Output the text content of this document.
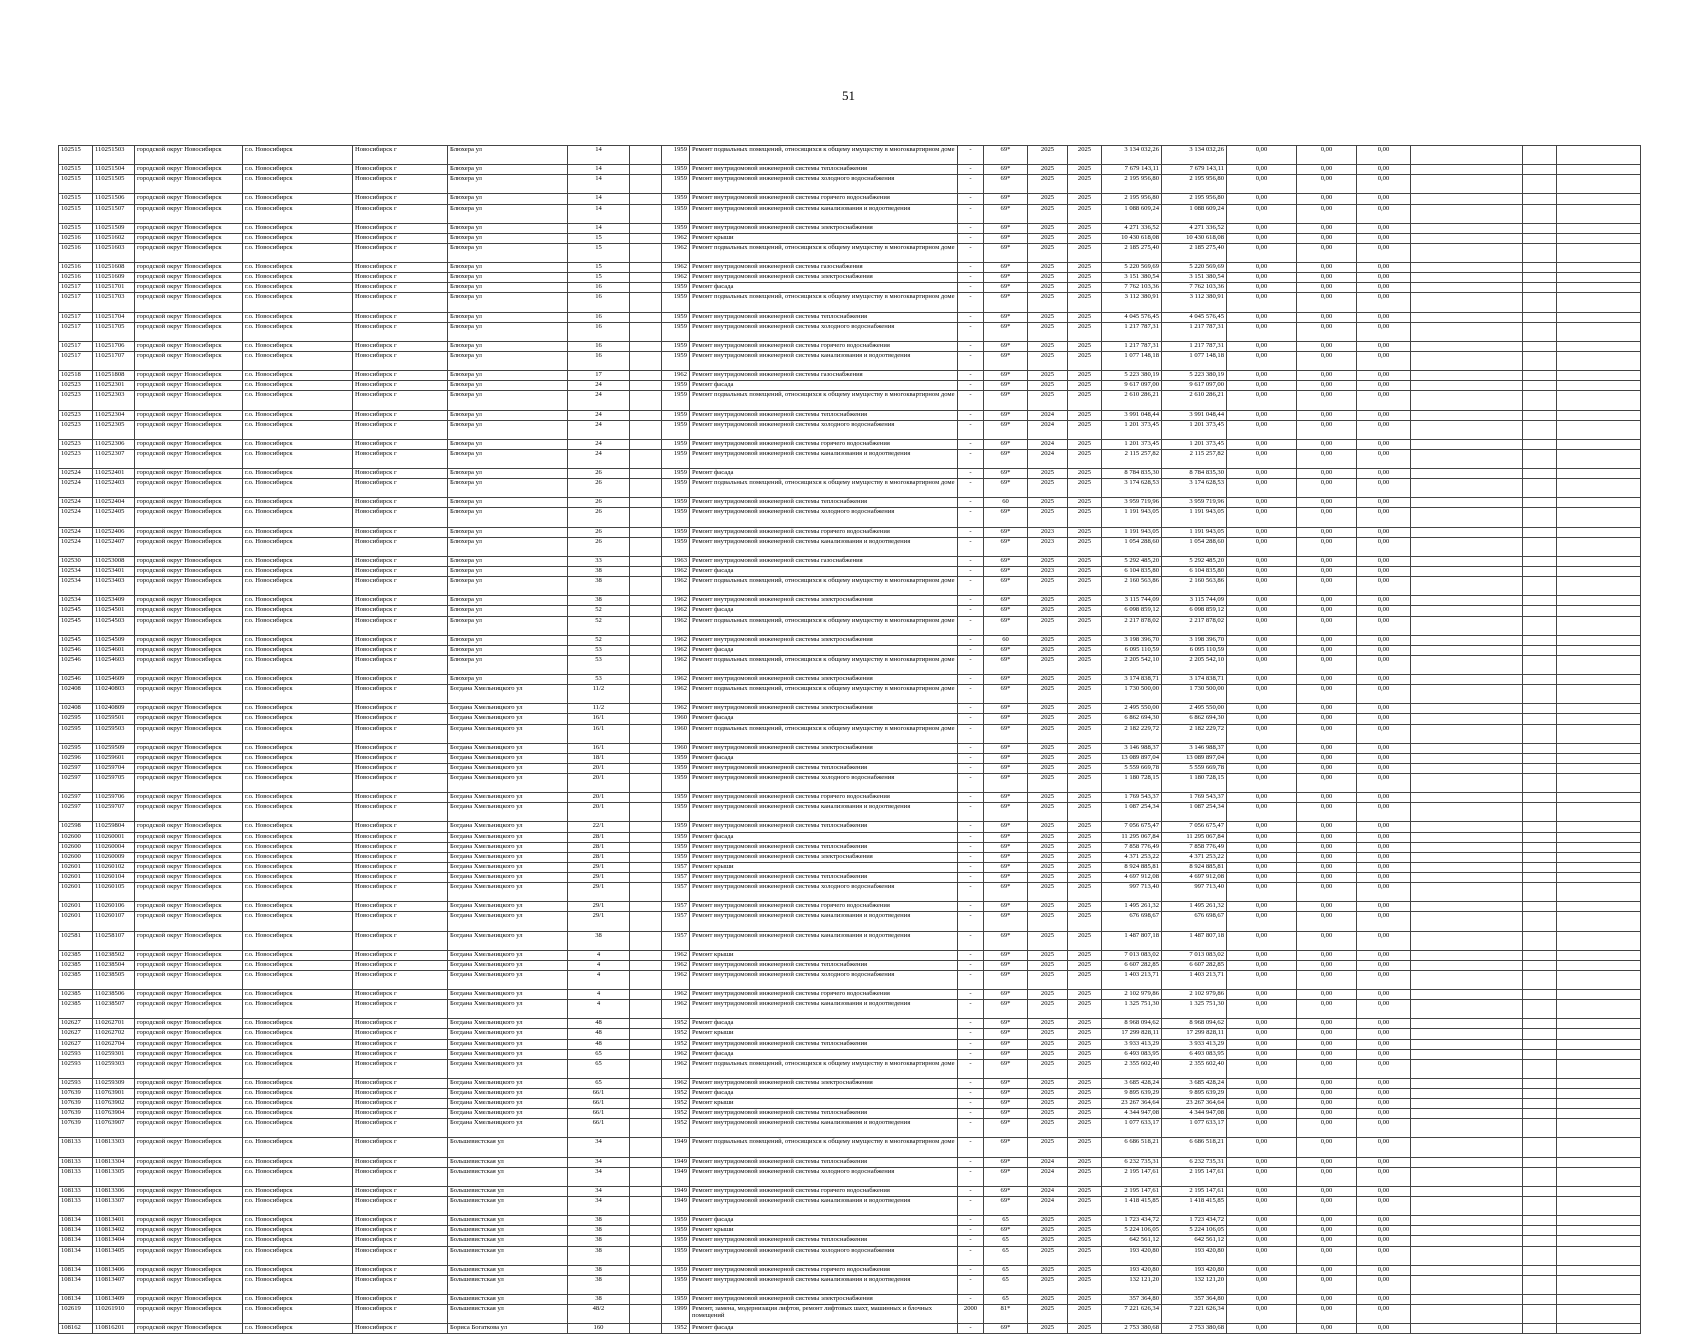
51
102515	110251503	городской округ Новосибирск	г.о. Новосибирск	Новосибирск г	Блюхера ул	14		1959	Ремонт подвальных помещений, относящихся к общему имуществу в многоквартирном доме	-	69*	2025	2025	3 134 032,26	3 134 032,26	0,00	0,00	0,00			
102515	110251504	городской округ Новосибирск	г.о. Новосибирск	Новосибирск г	Блюхера ул	14		1959	Ремонт внутридомовой инженерной системы теплоснабжения	-	69*	2025	2025	7 679 143,11	7 679 143,11	0,00	0,00	0,00			
102515	110251505	городской округ Новосибирск	г.о. Новосибирск	Новосибирск г	Блюхера ул	14		1959	Ремонт внутридомовой инженерной системы холодного водоснабжения	-	69*	2025	2025	2 195 956,80	2 195 956,80	0,00	0,00	0,00			
102515	110251506	городской округ Новосибирск	г.о. Новосибирск	Новосибирск г	Блюхера ул	14		1959	Ремонт внутридомовой инженерной системы горячего водоснабжения	-	69*	2025	2025	2 195 956,80	2 195 956,80	0,00	0,00	0,00			
102515	110251507	городской округ Новосибирск	г.о. Новосибирск	Новосибирск г	Блюхера ул	14		1959	Ремонт внутридомовой инженерной системы канализования и водоотведения	-	69*	2025	2025	1 088 609,24	1 088 609,24	0,00	0,00	0,00			
102515	110251509	городской округ Новосибирск	г.о. Новосибирск	Новосибирск г	Блюхера ул	14		1959	Ремонт внутридомовой инженерной системы электроснабжения	-	69*	2025	2025	4 271 336,52	4 271 336,52	0,00	0,00	0,00			
102516	110251602	городской округ Новосибирск	г.о. Новосибирск	Новосибирск г	Блюхера ул	15		1962	Ремонт крыши	-	69*	2025	2025	10 430 618,08	10 430 618,08	0,00	0,00	0,00			
102516	110251603	городской округ Новосибирск	г.о. Новосибирск	Новосибирск г	Блюхера ул	15		1962	Ремонт подвальных помещений, относящихся к общему имуществу в многоквартирном доме	-	69*	2025	2025	2 185 275,40	2 185 275,40	0,00	0,00	0,00			
102516	110251608	городской округ Новосибирск	г.о. Новосибирск	Новосибирск г	Блюхера ул	15		1962	Ремонт внутридомовой инженерной системы газоснабжения	-	69*	2025	2025	5 220 569,69	5 220 569,69	0,00	0,00	0,00			
102516	110251609	городской округ Новосибирск	г.о. Новосибирск	Новосибирск г	Блюхера ул	15		1962	Ремонт внутридомовой инженерной системы электроснабжения	-	69*	2025	2025	3 151 380,54	3 151 380,54	0,00	0,00	0,00			
102517	110251701	городской округ Новосибирск	г.о. Новосибирск	Новосибирск г	Блюхера ул	16		1959	Ремонт фасада	-	69*	2025	2025	7 762 103,36	7 762 103,36	0,00	0,00	0,00			
102517	110251703	городской округ Новосибирск	г.о. Новосибирск	Новосибирск г	Блюхера ул	16		1959	Ремонт подвальных помещений, относящихся к общему имуществу в многоквартирном доме	-	69*	2025	2025	3 112 380,91	3 112 380,91	0,00	0,00	0,00			
102517	110251704	городской округ Новосибирск	г.о. Новосибирск	Новосибирск г	Блюхера ул	16		1959	Ремонт внутридомовой инженерной системы теплоснабжения	-	69*	2025	2025	4 045 576,45	4 045 576,45	0,00	0,00	0,00			
102517	110251705	городской округ Новосибирск	г.о. Новосибирск	Новосибирск г	Блюхера ул	16		1959	Ремонт внутридомовой инженерной системы холодного водоснабжения	-	69*	2025	2025	1 217 787,31	1 217 787,31	0,00	0,00	0,00			
102517	110251706	городской округ Новосибирск	г.о. Новосибирск	Новосибирск г	Блюхера ул	16		1959	Ремонт внутридомовой инженерной системы горячего водоснабжения	-	69*	2025	2025	1 217 787,31	1 217 787,31	0,00	0,00	0,00			
102517	110251707	городской округ Новосибирск	г.о. Новосибирск	Новосибирск г	Блюхера ул	16		1959	Ремонт внутридомовой инженерной системы канализования и водоотведения	-	69*	2025	2025	1 077 148,18	1 077 148,18	0,00	0,00	0,00			
102518	110251808	городской округ Новосибирск	г.о. Новосибирск	Новосибирск г	Блюхера ул	17		1962	Ремонт внутридомовой инженерной системы газоснабжения	-	69*	2025	2025	5 223 380,19	5 223 380,19	0,00	0,00	0,00			
102523	110252301	городской округ Новосибирск	г.о. Новосибирск	Новосибирск г	Блюхера ул	24		1959	Ремонт фасада	-	69*	2025	2025	9 617 097,00	9 617 097,00	0,00	0,00	0,00			
102523	110252303	городской округ Новосибирск	г.о. Новосибирск	Новосибирск г	Блюхера ул	24		1959	Ремонт подвальных помещений, относящихся к общему имуществу в многоквартирном доме	-	69*	2025	2025	2 610 286,21	2 610 286,21	0,00	0,00	0,00			
102523	110252304	городской округ Новосибирск	г.о. Новосибирск	Новосибирск г	Блюхера ул	24		1959	Ремонт внутридомовой инженерной системы теплоснабжения	-	69*	2024	2025	3 991 048,44	3 991 048,44	0,00	0,00	0,00			
102523	110252305	городской округ Новосибирск	г.о. Новосибирск	Новосибирск г	Блюхера ул	24		1959	Ремонт внутридомовой инженерной системы холодного водоснабжения	-	69*	2024	2025	1 201 373,45	1 201 373,45	0,00	0,00	0,00			
102523	110252306	городской округ Новосибирск	г.о. Новосибирск	Новосибирск г	Блюхера ул	24		1959	Ремонт внутридомовой инженерной системы горячего водоснабжения	-	69*	2024	2025	1 201 373,45	1 201 373,45	0,00	0,00	0,00			
102523	110252307	городской округ Новосибирск	г.о. Новосибирск	Новосибирск г	Блюхера ул	24		1959	Ремонт внутридомовой инженерной системы канализования и водоотведения	-	69*	2024	2025	2 115 257,82	2 115 257,82	0,00	0,00	0,00			
102524	110252401	городской округ Новосибирск	г.о. Новосибирск	Новосибирск г	Блюхера ул	26		1959	Ремонт фасада	-	69*	2025	2025	8 784 835,30	8 784 835,30	0,00	0,00	0,00			
102524	110252403	городской округ Новосибирск	г.о. Новосибирск	Новосибирск г	Блюхера ул	26		1959	Ремонт подвальных помещений, относящихся к общему имуществу в многоквартирном доме	-	69*	2025	2025	3 174 628,53	3 174 628,53	0,00	0,00	0,00			
102524	110252404	городской округ Новосибирск	г.о. Новосибирск	Новосибирск г	Блюхера ул	26		1959	Ремонт внутридомовой инженерной системы теплоснабжения	-	60	2025	2025	3 959 719,96	3 959 719,96	0,00	0,00	0,00			
102524	110252405	городской округ Новосибирск	г.о. Новосибирск	Новосибирск г	Блюхера ул	26		1959	Ремонт внутридомовой инженерной системы холодного водоснабжения	-	69*	2025	2025	1 191 943,05	1 191 943,05	0,00	0,00	0,00			
102524	110252406	городской округ Новосибирск	г.о. Новосибирск	Новосибирск г	Блюхера ул	26		1959	Ремонт внутридомовой инженерной системы горячего водоснабжения	-	69*	2023	2025	1 191 943,05	1 191 943,05	0,00	0,00	0,00			
102524	110252407	городской округ Новосибирск	г.о. Новосибирск	Новосибирск г	Блюхера ул	26		1959	Ремонт внутридомовой инженерной системы канализования и водоотведения	-	69*	2023	2025	1 054 288,60	1 054 288,60	0,00	0,00	0,00			
102530	110253008	городской округ Новосибирск	г.о. Новосибирск	Новосибирск г	Блюхера ул	33		1963	Ремонт внутридомовой инженерной системы газоснабжения	-	69*	2025	2025	5 292 485,20	5 292 485,20	0,00	0,00	0,00			
102534	110253401	городской округ Новосибирск	г.о. Новосибирск	Новосибирск г	Блюхера ул	38		1962	Ремонт фасада	-	69*	2023	2025	6 104 835,80	6 104 835,80	0,00	0,00	0,00			
102534	110253403	городской округ Новосибирск	г.о. Новосибирск	Новосибирск г	Блюхера ул	38		1962	Ремонт подвальных помещений, относящихся к общему имуществу в многоквартирном доме	-	69*	2025	2025	2 160 563,86	2 160 563,86	0,00	0,00	0,00			
102534	110253409	городской округ Новосибирск	г.о. Новосибирск	Новосибирск г	Блюхера ул	38		1962	Ремонт внутридомовой инженерной системы электроснабжения	-	69*	2025	2025	3 115 744,09	3 115 744,09	0,00	0,00	0,00			
102545	110254501	городской округ Новосибирск	г.о. Новосибирск	Новосибирск г	Блюхера ул	52		1962	Ремонт фасада	-	69*	2025	2025	6 098 859,12	6 098 859,12	0,00	0,00	0,00			
102545	110254503	городской округ Новосибирск	г.о. Новосибирск	Новосибирск г	Блюхера ул	52		1962	Ремонт подвальных помещений, относящихся к общему имуществу в многоквартирном доме	-	69*	2025	2025	2 217 878,02	2 217 878,02	0,00	0,00	0,00			
102545	110254509	городской округ Новосибирск	г.о. Новосибирск	Новосибирск г	Блюхера ул	52		1962	Ремонт внутридомовой инженерной системы электроснабжения	-	60	2025	2025	3 198 396,70	3 198 396,70	0,00	0,00	0,00			
102546	110254601	городской округ Новосибирск	г.о. Новосибирск	Новосибирск г	Блюхера ул	53		1962	Ремонт фасада	-	69*	2025	2025	6 095 110,59	6 095 110,59	0,00	0,00	0,00			
102546	110254603	городской округ Новосибирск	г.о. Новосибирск	Новосибирск г	Блюхера ул	53		1962	Ремонт подвальных помещений, относящихся к общему имуществу в многоквартирном доме	-	69*	2025	2025	2 205 542,10	2 205 542,10	0,00	0,00	0,00			
102546	110254609	городской округ Новосибирск	г.о. Новосибирск	Новосибирск г	Блюхера ул	53		1962	Ремонт внутридомовой инженерной системы электроснабжения	-	69*	2025	2025	3 174 838,71	3 174 838,71	0,00	0,00	0,00			
102408	110240803	городской округ Новосибирск	г.о. Новосибирск	Новосибирск г	Богдана Хмельницкого ул	11/2		1962	Ремонт подвальных помещений, относящихся к общему имуществу в многоквартирном доме	-	69*	2025	2025	1 730 500,00	1 730 500,00	0,00	0,00	0,00			
102408	110240809	городской округ Новосибирск	г.о. Новосибирск	Новосибирск г	Богдана Хмельницкого ул	11/2		1962	Ремонт внутридомовой инженерной системы электроснабжения	-	69*	2025	2025	2 495 550,00	2 495 550,00	0,00	0,00	0,00			
102595	110259501	городской округ Новосибирск	г.о. Новосибирск	Новосибирск г	Богдана Хмельницкого ул	16/1		1960	Ремонт фасада	-	69*	2025	2025	6 862 694,30	6 862 694,30	0,00	0,00	0,00			
102595	110259503	городской округ Новосибирск	г.о. Новосибирск	Новосибирск г	Богдана Хмельницкого ул	16/1		1960	Ремонт подвальных помещений, относящихся к общему имуществу в многоквартирном доме	-	69*	2025	2025	2 182 229,72	2 182 229,72	0,00	0,00	0,00			
102595	110259509	городской округ Новосибирск	г.о. Новосибирск	Новосибирск г	Богдана Хмельницкого ул	16/1		1960	Ремонт внутридомовой инженерной системы электроснабжения	-	69*	2025	2025	3 146 988,37	3 146 988,37	0,00	0,00	0,00			
102596	110259601	городской округ Новосибирск	г.о. Новосибирск	Новосибирск г	Богдана Хмельницкого ул	18/1		1959	Ремонт фасада	-	69*	2025	2025	13 089 897,04	13 089 897,04	0,00	0,00	0,00			
102597	110259704	городской округ Новосибирск	г.о. Новосибирск	Новосибирск г	Богдана Хмельницкого ул	20/1		1959	Ремонт внутридомовой инженерной системы теплоснабжения	-	69*	2025	2025	5 559 669,78	5 559 669,78	0,00	0,00	0,00			
102597	110259705	городской округ Новосибирск	г.о. Новосибирск	Новосибирск г	Богдана Хмельницкого ул	20/1		1959	Ремонт внутридомовой инженерной системы холодного водоснабжения	-	69*	2025	2025	1 180 728,15	1 180 728,15	0,00	0,00	0,00			
102597	110259706	городской округ Новосибирск	г.о. Новосибирск	Новосибирск г	Богдана Хмельницкого ул	20/1		1959	Ремонт внутридомовой инженерной системы горячего водоснабжения	-	69*	2025	2025	1 769 543,37	1 769 543,37	0,00	0,00	0,00			
102597	110259707	городской округ Новосибирск	г.о. Новосибирск	Новосибирск г	Богдана Хмельницкого ул	20/1		1959	Ремонт внутридомовой инженерной системы канализования и водоотведения	-	69*	2025	2025	1 087 254,34	1 087 254,34	0,00	0,00	0,00			
102598	110259804	городской округ Новосибирск	г.о. Новосибирск	Новосибирск г	Богдана Хмельницкого ул	22/1		1959	Ремонт внутридомовой инженерной системы теплоснабжения	-	69*	2025	2025	7 056 675,47	7 056 675,47	0,00	0,00	0,00			
102600	110260001	городской округ Новосибирск	г.о. Новосибирск	Новосибирск г	Богдана Хмельницкого ул	28/1		1959	Ремонт фасада	-	69*	2025	2025	11 295 067,84	11 295 067,84	0,00	0,00	0,00			
102600	110260004	городской округ Новосибирск	г.о. Новосибирск	Новосибирск г	Богдана Хмельницкого ул	28/1		1959	Ремонт внутридомовой инженерной системы теплоснабжения	-	69*	2025	2025	7 858 776,49	7 858 776,49	0,00	0,00	0,00			
102600	110260009	городской округ Новосибирск	г.о. Новосибирск	Новосибирск г	Богдана Хмельницкого ул	28/1		1959	Ремонт внутридомовой инженерной системы электроснабжения	-	69*	2025	2025	4 371 253,22	4 371 253,22	0,00	0,00	0,00			
102601	110260102	городской округ Новосибирск	г.о. Новосибирск	Новосибирск г	Богдана Хмельницкого ул	29/1		1957	Ремонт крыши	-	69*	2025	2025	8 924 885,81	8 924 885,81	0,00	0,00	0,00			
102601	110260104	городской округ Новосибирск	г.о. Новосибирск	Новосибирск г	Богдана Хмельницкого ул	29/1		1957	Ремонт внутридомовой инженерной системы теплоснабжения	-	69*	2025	2025	4 697 912,08	4 697 912,08	0,00	0,00	0,00			
102601	110260105	городской округ Новосибирск	г.о. Новосибирск	Новосибирск г	Богдана Хмельницкого ул	29/1		1957	Ремонт внутридомовой инженерной системы холодного водоснабжения	-	69*	2025	2025	997 713,40	997 713,40	0,00	0,00	0,00			
102601	110260106	городской округ Новосибирск	г.о. Новосибирск	Новосибирск г	Богдана Хмельницкого ул	29/1		1957	Ремонт внутридомовой инженерной системы горячего водоснабжения	-	69*	2025	2025	1 495 261,32	1 495 261,32	0,00	0,00	0,00			
102601	110260107	городской округ Новосибирск	г.о. Новосибирск	Новосибирск г	Богдана Хмельницкого ул	29/1		1957	Ремонт внутридомовой инженерной системы канализования и водоотведения	-	69*	2025	2025	676 698,67	676 698,67	0,00	0,00	0,00			
102581	110258107	городской округ Новосибирск	г.о. Новосибирск	Новосибирск г	Богдана Хмельницкого ул	38		1957	Ремонт внутридомовой инженерной системы канализования и водоотведения	-	69*	2025	2025	1 487 807,18	1 487 807,18	0,00	0,00	0,00			
102385	110238502	городской округ Новосибирск	г.о. Новосибирск	Новосибирск г	Богдана Хмельницкого ул	4		1962	Ремонт крыши	-	69*	2025	2025	7 013 083,02	7 013 083,02	0,00	0,00	0,00			
102385	110238504	городской округ Новосибирск	г.о. Новосибирск	Новосибирск г	Богдана Хмельницкого ул	4		1962	Ремонт внутридомовой инженерной системы теплоснабжения	-	69*	2025	2025	6 607 282,85	6 607 282,85	0,00	0,00	0,00			
102385	110238505	городской округ Новосибирск	г.о. Новосибирск	Новосибирск г	Богдана Хмельницкого ул	4		1962	Ремонт внутридомовой инженерной системы холодного водоснабжения	-	69*	2025	2025	1 403 213,71	1 403 213,71	0,00	0,00	0,00			
102385	110238506	городской округ Новосибирск	г.о. Новосибирск	Новосибирск г	Богдана Хмельницкого ул	4		1962	Ремонт внутридомовой инженерной системы горячего водоснабжения	-	69*	2025	2025	2 102 979,86	2 102 979,86	0,00	0,00	0,00			
102385	110238507	городской округ Новосибирск	г.о. Новосибирск	Новосибирск г	Богдана Хмельницкого ул	4		1962	Ремонт внутридомовой инженерной системы канализования и водоотведения	-	69*	2025	2025	1 325 751,30	1 325 751,30	0,00	0,00	0,00			
102627	110262701	городской округ Новосибирск	г.о. Новосибирск	Новосибирск г	Богдана Хмельницкого ул	48		1952	Ремонт фасада	-	69*	2025	2025	8 968 094,62	8 968 094,62	0,00	0,00	0,00			
102627	110262702	городской округ Новосибирск	г.о. Новосибирск	Новосибирск г	Богдана Хмельницкого ул	48		1952	Ремонт крыши	-	69*	2025	2025	17 299 828,11	17 299 828,11	0,00	0,00	0,00			
102627	110262704	городской округ Новосибирск	г.о. Новосибирск	Новосибирск г	Богдана Хмельницкого ул	48		1952	Ремонт внутридомовой инженерной системы теплоснабжения	-	69*	2025	2025	3 933 413,29	3 933 413,29	0,00	0,00	0,00			
102593	110259301	городской округ Новосибирск	г.о. Новосибирск	Новосибирск г	Богдана Хмельницкого ул	65		1962	Ремонт фасада	-	69*	2025	2025	6 493 083,95	6 493 083,95	0,00	0,00	0,00			
102593	110259303	городской округ Новосибирск	г.о. Новосибирск	Новосибирск г	Богдана Хмельницкого ул	65		1962	Ремонт подвальных помещений, относящихся к общему имуществу в многоквартирном доме	-	69*	2025	2025	2 355 602,40	2 355 602,40	0,00	0,00	0,00			
102593	110259309	городской округ Новосибирск	г.о. Новосибирск	Новосибирск г	Богдана Хмельницкого ул	65		1962	Ремонт внутридомовой инженерной системы электроснабжения	-	69*	2025	2025	3 685 428,24	3 685 428,24	0,00	0,00	0,00			
107639	110763901	городской округ Новосибирск	г.о. Новосибирск	Новосибирск г	Богдана Хмельницкого ул	66/1		1952	Ремонт фасада	-	69*	2025	2025	9 895 639,29	9 895 639,29	0,00	0,00	0,00			
107639	110763902	городской округ Новосибирск	г.о. Новосибирск	Новосибирск г	Богдана Хмельницкого ул	66/1		1952	Ремонт крыши	-	69*	2025	2025	23 267 364,64	23 267 364,64	0,00	0,00	0,00			
107639	110763904	городской округ Новосибирск	г.о. Новосибирск	Новосибирск г	Богдана Хмельницкого ул	66/1		1952	Ремонт внутридомовой инженерной системы теплоснабжения	-	69*	2025	2025	4 344 947,08	4 344 947,08	0,00	0,00	0,00			
107639	110763907	городской округ Новосибирск	г.о. Новосибирск	Новосибирск г	Богдана Хмельницкого ул	66/1		1952	Ремонт внутридомовой инженерной системы канализования и водоотведения	-	69*	2025	2025	1 077 633,17	1 077 633,17	0,00	0,00	0,00			
108133	110813303	городской округ Новосибирск	г.о. Новосибирск	Новосибирск г	Большевистская ул	34		1949	Ремонт подвальных помещений, относящихся к общему имуществу в многоквартирном доме	-	69*	2025	2025	6 686 518,21	6 686 518,21	0,00	0,00	0,00			
108133	110813304	городской округ Новосибирск	г.о. Новосибирск	Новосибирск г	Большевистская ул	34		1949	Ремонт внутридомовой инженерной системы теплоснабжения	-	69*	2024	2025	6 232 735,31	6 232 735,31	0,00	0,00	0,00			
108133	110813305	городской округ Новосибирск	г.о. Новосибирск	Новосибирск г	Большевистская ул	34		1949	Ремонт внутридомовой инженерной системы холодного водоснабжения	-	69*	2024	2025	2 195 147,61	2 195 147,61	0,00	0,00	0,00			
108133	110813306	городской округ Новосибирск	г.о. Новосибирск	Новосибирск г	Большевистская ул	34		1949	Ремонт внутридомовой инженерной системы горячего водоснабжения	-	69*	2024	2025	2 195 147,61	2 195 147,61	0,00	0,00	0,00			
108133	110813307	городской округ Новосибирск	г.о. Новосибирск	Новосибирск г	Большевистская ул	34		1949	Ремонт внутридомовой инженерной системы канализования и водоотведения	-	69*	2024	2025	1 418 415,85	1 418 415,85	0,00	0,00	0,00			
108134	110813401	городской округ Новосибирск	г.о. Новосибирск	Новосибирск г	Большевистская ул	38		1959	Ремонт фасада	-	65	2025	2025	1 723 434,72	1 723 434,72	0,00	0,00	0,00			
108134	110813402	городской округ Новосибирск	г.о. Новосибирск	Новосибирск г	Большевистская ул	38		1959	Ремонт крыши	-	69*	2025	2025	5 224 106,05	5 224 106,05	0,00	0,00	0,00			
108134	110813404	городской округ Новосибирск	г.о. Новосибирск	Новосибирск г	Большевистская ул	38		1959	Ремонт внутридомовой инженерной системы теплоснабжения	-	65	2025	2025	642 561,12	642 561,12	0,00	0,00	0,00			
108134	110813405	городской округ Новосибирск	г.о. Новосибирск	Новосибирск г	Большевистская ул	38		1959	Ремонт внутридомовой инженерной системы холодного водоснабжения	-	65	2025	2025	193 420,80	193 420,80	0,00	0,00	0,00			
108134	110813406	городской округ Новосибирск	г.о. Новосибирск	Новосибирск г	Большевистская ул	38		1959	Ремонт внутридомовой инженерной системы горячего водоснабжения	-	65	2025	2025	193 420,80	193 420,80	0,00	0,00	0,00			
108134	110813407	городской округ Новосибирск	г.о. Новосибирск	Новосибирск г	Большевистская ул	38		1959	Ремонт внутридомовой инженерной системы канализования и водоотведения	-	65	2025	2025	132 121,20	132 121,20	0,00	0,00	0,00			
108134	110813409	городской округ Новосибирск	г.о. Новосибирск	Новосибирск г	Большевистская ул	38		1959	Ремонт внутридомовой инженерной системы электроснабжения	-	65	2025	2025	357 364,80	357 364,80	0,00	0,00	0,00			
102619	110261910	городской округ Новосибирск	г.о. Новосибирск	Новосибирск г	Большевистская ул	48/2		1999	Ремонт, замена, модернизация лифтов, ремонт лифтовых шахт, машинных и блочных помещений	2000	81*	2025	2025	7 221 626,34	7 221 626,34	0,00	0,00	0,00			
108162	110816201	городской округ Новосибирск	г.о. Новосибирск	Новосибирск г	Бориса Богаткова ул	160		1952	Ремонт фасада	-	69*	2025	2025	2 753 380,68	2 753 380,68	0,00	0,00	0,00			
